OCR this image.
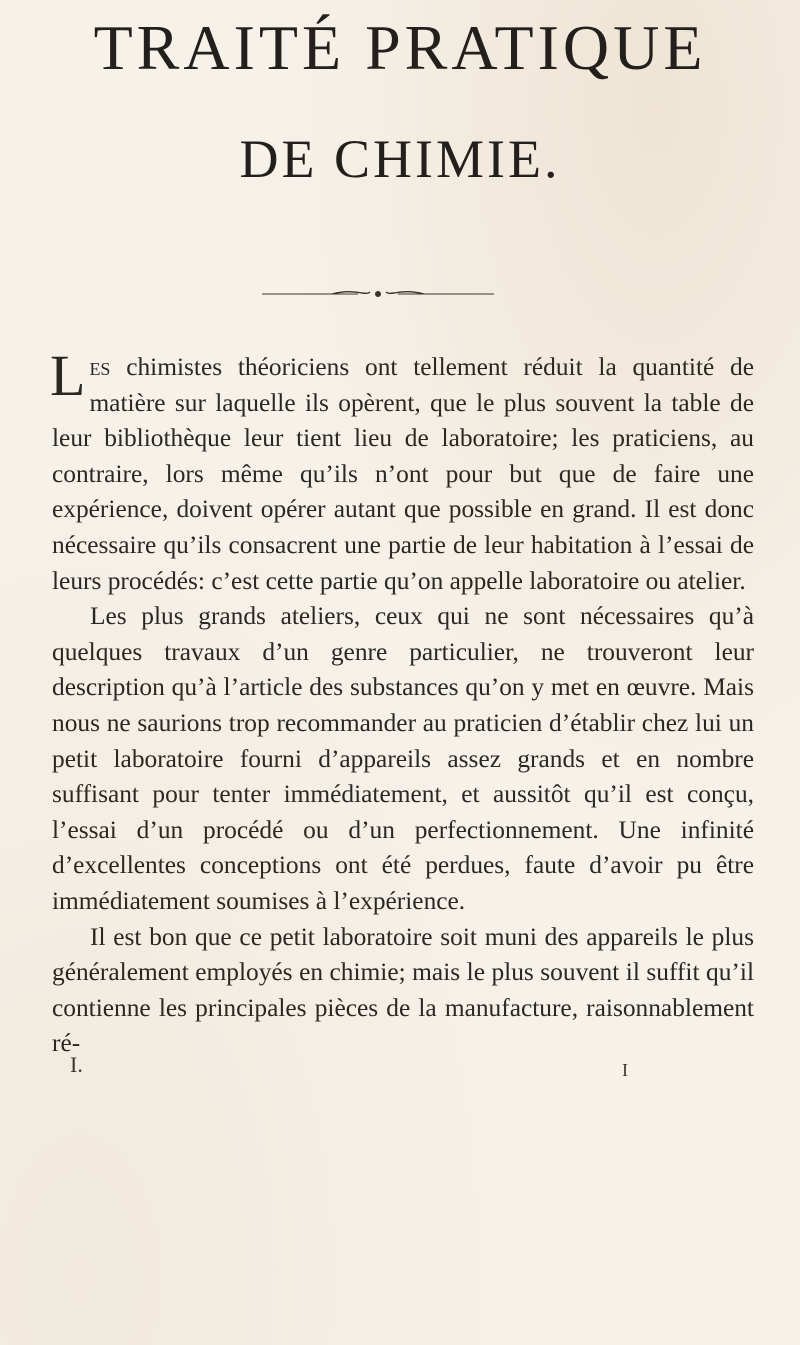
TRAITÉ PRATIQUE
DE CHIMIE.

Les chimistes théoriciens ont tellement réduit la quantité de matière sur laquelle ils opèrent, que le plus souvent la table de leur bibliothèque leur tient lieu de laboratoire; les praticiens, au contraire, lors même qu’ils n’ont pour but que de faire une expérience, doivent opérer autant que possible en grand. Il est donc nécessaire qu’ils consacrent une partie de leur habitation à l’essai de leurs procédés: c’est cette partie qu’on appelle laboratoire ou atelier.

Les plus grands ateliers, ceux qui ne sont nécessaires qu’à quelques travaux d’un genre particulier, ne trouveront leur description qu’à l’article des substances qu’on y met en œuvre. Mais nous ne saurions trop recommander au praticien d’établir chez lui un petit laboratoire fourni d’appareils assez grands et en nombre suffisant pour tenter immédiatement, et aussitôt qu’il est conçu, l’essai d’un procédé ou d’un perfectionnement. Une infinité d’excellentes conceptions ont été perdues, faute d’avoir pu être immédiatement soumises à l’expérience.

Il est bon que ce petit laboratoire soit muni des appareils le plus généralement employés en chimie; mais le plus souvent il suffit qu’il contienne les principales pièces de la manufacture, raisonnablement ré-

I.	I
